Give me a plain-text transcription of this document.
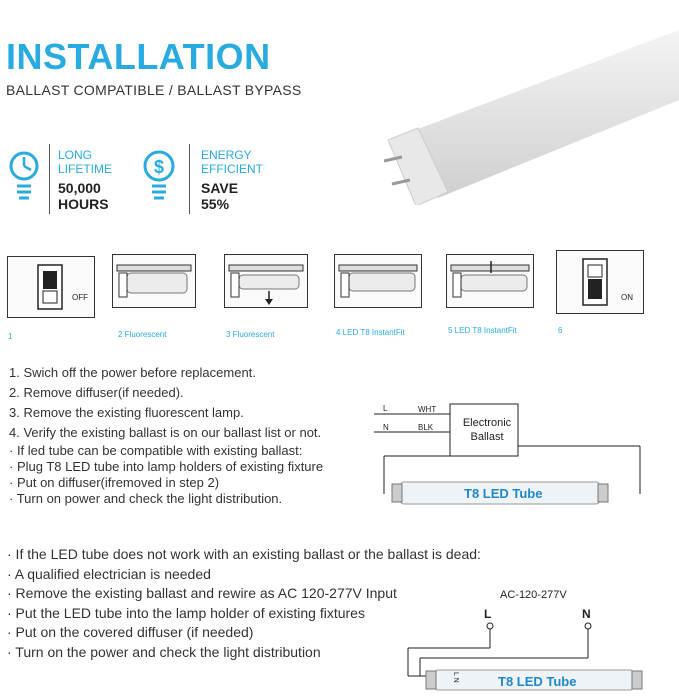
INSTALLATION
BALLAST COMPATIBLE / BALLAST BYPASS
LONG
LIFETIME
50,000
HOURS
$
ENERGY
EFFICIENT
SAVE
55%
OFF
1	2 Fluorescent	3 Fluorescent	4 LED T8 InstantFit	5 LED T8 InstantFit
ON
6
1. Swich off the power before replacement.
2. Remove diffuser(if needed).
3. Remove the existing fluorescent lamp.
4. Verify the existing ballast is on our ballast list or not.
· If led tube can be compatible with existing ballast:
· Plug T8 LED tube into lamp holders of existing fixture
· Put on diffuser(ifremoved in step 2)
· Turn on power and check the light distribution.
L
N
WHT
BLK	Electronic
Ballast
T8 LED Tube
· If the LED tube does not work with an existing ballast or the ballast is dead:
· A qualified electrician is needed
· Remove the existing ballast and rewire as AC 120-277V Input
· Put the LED tube into the lamp holder of existing fixtures
· Put on the covered diffuser (if needed)
· Turn on the power and check the light distribution
AC-120-277V
L	N
L N	T8 LED Tube
